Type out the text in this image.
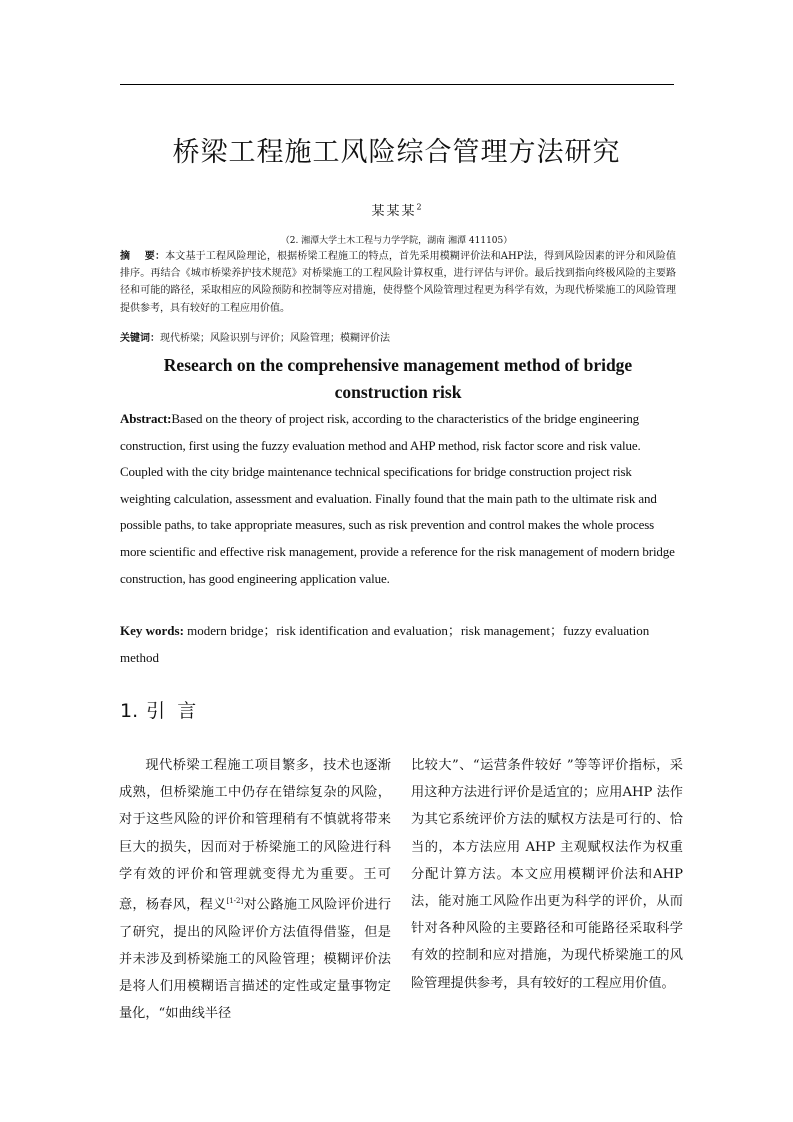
桥梁工程施工风险综合管理方法研究
某某某$^2$
（2. 湘潭大学土木工程与力学学院，湖南 湘潭 411105）
摘    要：本文基于工程风险理论，根据桥梁工程施工的特点，首先采用模糊评价法和AHP法，得到风险因素的评分和风险值排序。再结合《城市桥梁养护技术规范》对桥梁施工的工程风险计算权重，进行评估与评价。最后找到指向终极风险的主要路径和可能的路径，采取相应的风险预防和控制等应对措施，使得整个风险管理过程更为科学有效，为现代桥梁施工的风险管理提供参考，具有较好的工程应用价值。
关键词：现代桥梁；风险识别与评价；风险管理；模糊评价法
Research on the comprehensive management method of bridge construction risk
Abstract:Based on the theory of project risk, according to the characteristics of the bridge engineering construction, first using the fuzzy evaluation method and AHP method, risk factor score and risk value. Coupled with the city bridge maintenance technical specifications for bridge construction project risk weighting calculation, assessment and evaluation. Finally found that the main path to the ultimate risk and possible paths, to take appropriate measures, such as risk prevention and control makes the whole process more scientific and effective risk management, provide a reference for the risk management of modern bridge construction, has good engineering application value.
Key words: modern bridge；risk identification and evaluation；risk management；fuzzy evaluation method
1. 引  言
现代桥梁工程施工项目繁多，技术也逐渐成熟，但桥梁施工中仍存在错综复杂的风险，对于这些风险的评价和管理稍有不慎就将带来巨大的损失，因而对于桥梁施工的风险进行科学有效的评价和管理就变得尤为重要。王可意，杨春风，程义[1-2]对公路施工风险评价进行了研究，提出的风险评价方法值得借鉴，但是并未涉及到桥梁施工的风险管理；模糊评价法是将人们用模糊语言描述的定性或定量事物定量化，“如曲线半径
比较大”、“运营条件较好 ”等等评价指标，采用这种方法进行评价是适宜的；应用AHP 法作为其它系统评价方法的赋权方法是可行的、恰当的，本方法应用 AHP 主观赋权法作为权重分配计算方法。本文应用模糊评价法和AHP法，能对施工风险作出更为科学的评价，从而针对各种风险的主要路径和可能路径采取科学有效的控制和应对措施，为现代桥梁施工的风险管理提供参考，具有较好的工程应用价值。
